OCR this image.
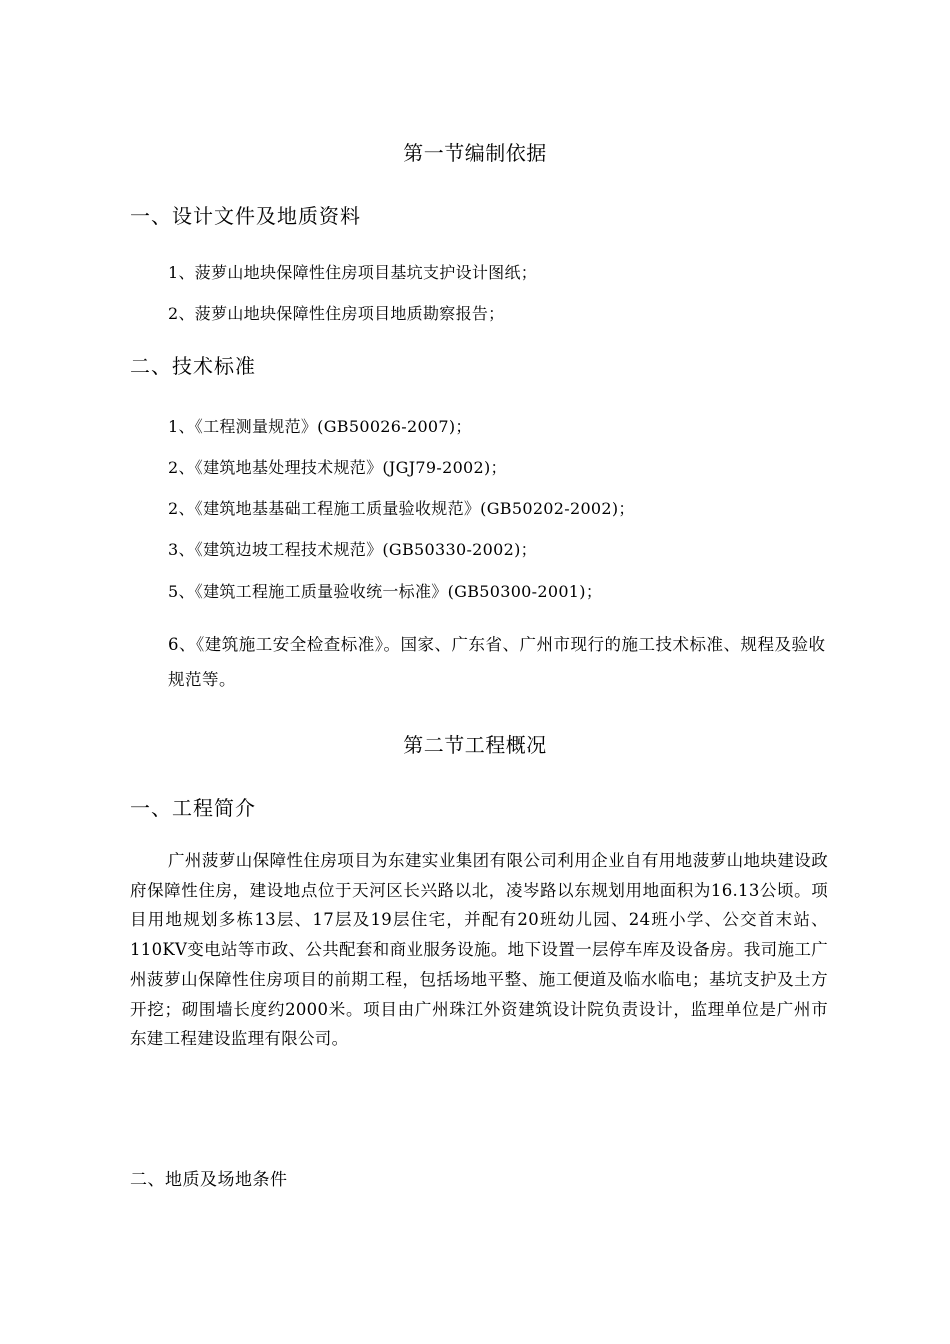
第一节编制依据
一、设计文件及地质资料
1、菠萝山地块保障性住房项目基坑支护设计图纸；
2、菠萝山地块保障性住房项目地质勘察报告；
二、技术标准
1、《工程测量规范》(GB50026-2007)；
2、《建筑地基处理技术规范》(JGJ79-2002)；
2、《建筑地基基础工程施工质量验收规范》(GB50202-2002)；
3、《建筑边坡工程技术规范》(GB50330-2002)；
5、《建筑工程施工质量验收统一标准》(GB50300-2001)；
6、《建筑施工安全检查标准》。国家、广东省、广州市现行的施工技术标准、规程及验收规范等。
第二节工程概况
一、工程简介
广州菠萝山保障性住房项目为东建实业集团有限公司利用企业自有用地菠萝山地块建设政府保障性住房，建设地点位于天河区长兴路以北，凌岑路以东规划用地面积为16.13公顷。项目用地规划多栋13层、17层及19层住宅，并配有20班幼儿园、24班小学、公交首末站、110KV变电站等市政、公共配套和商业服务设施。地下设置一层停车库及设备房。我司施工广州菠萝山保障性住房项目的前期工程，包括场地平整、施工便道及临水临电；基坑支护及土方开挖；砌围墙长度约2000米。项目由广州珠江外资建筑设计院负责设计，监理单位是广州市东建工程建设监理有限公司。
二、地质及场地条件
